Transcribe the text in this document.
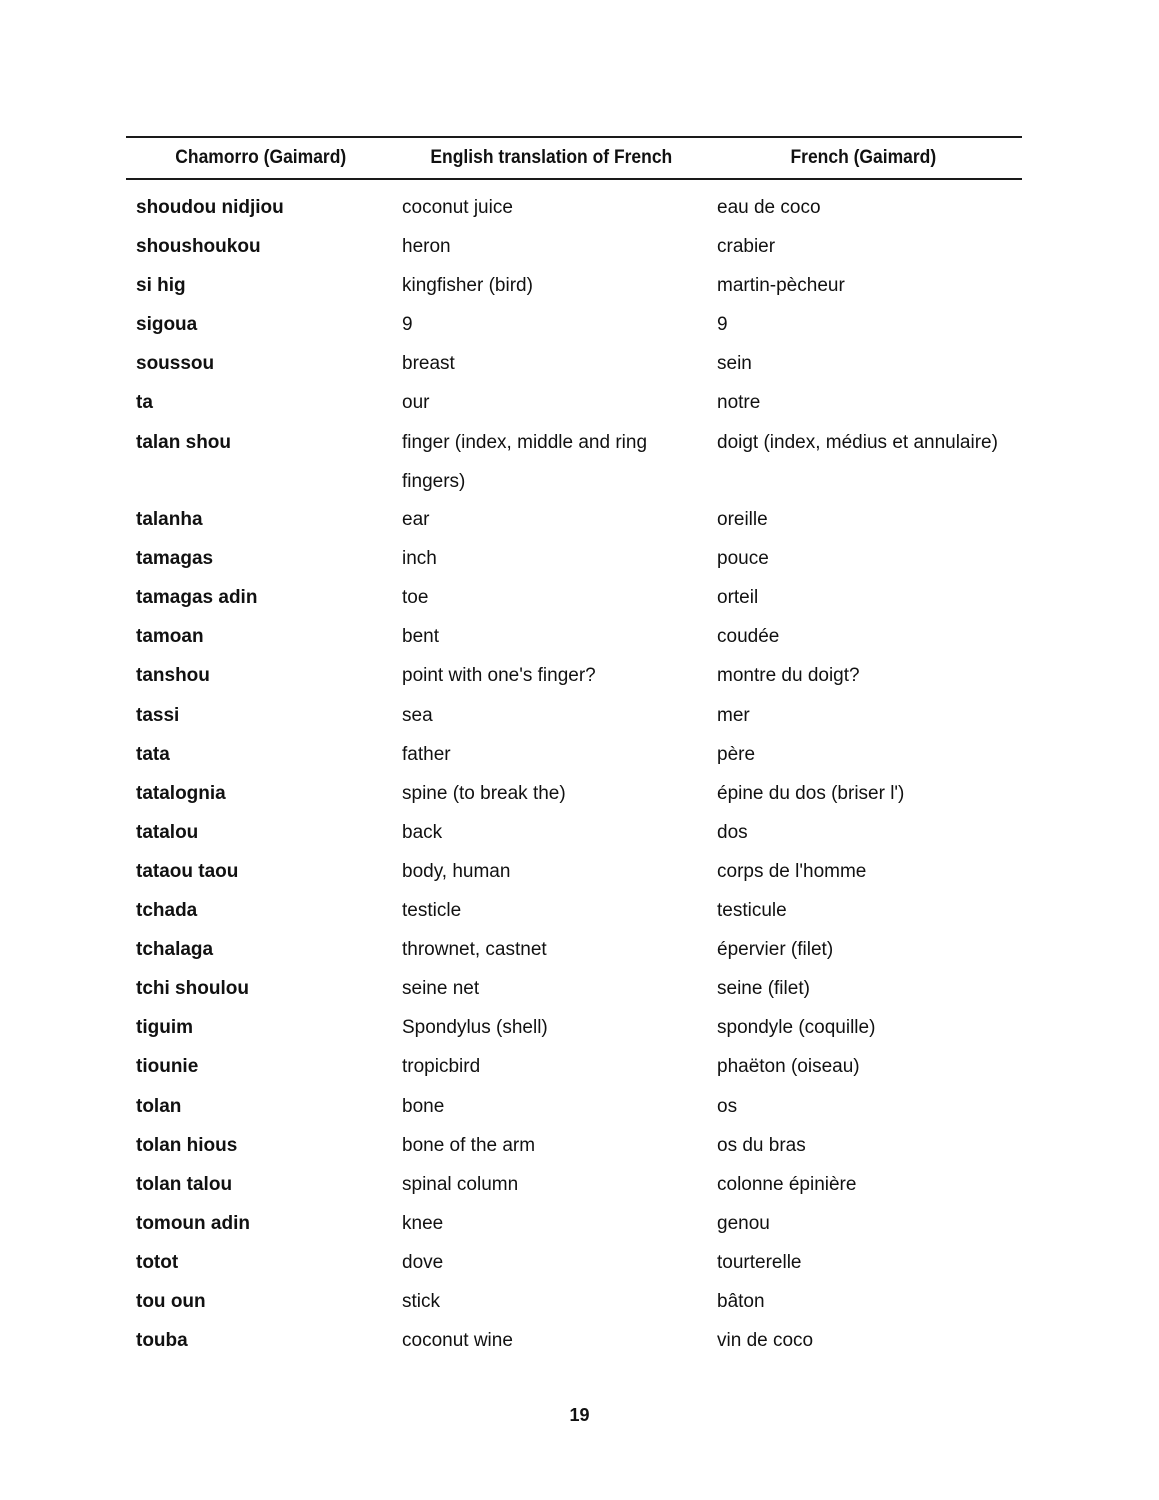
Chamorro (Gaimard)	English translation of French	French (Gaimard)
shoudou nidjiou	coconut juice	eau de coco
shoushoukou	heron	crabier
si hig	kingfisher (bird)	martin-pècheur
sigoua	9	9
soussou	breast	sein
ta	our	notre
talan shou	finger (index, middle and ring fingers)	doigt (index, médius et annulaire)
talanha	ear	oreille
tamagas	inch	pouce
tamagas adin	toe	orteil
tamoan	bent	coudée
tanshou	point with one's finger?	montre du doigt?
tassi	sea	mer
tata	father	père
tatalognia	spine (to break the)	épine du dos (briser l')
tatalou	back	dos
tataou taou	body, human	corps de l'homme
tchada	testicle	testicule
tchalaga	thrownet, castnet	épervier (filet)
tchi shoulou	seine net	seine (filet)
tiguim	Spondylus (shell)	spondyle (coquille)
tiounie	tropicbird	phaëton (oiseau)
tolan	bone	os
tolan hious	bone of the arm	os du bras
tolan talou	spinal column	colonne épinière
tomoun adin	knee	genou
totot	dove	tourterelle
tou oun	stick	bâton
touba	coconut wine	vin de coco
19
